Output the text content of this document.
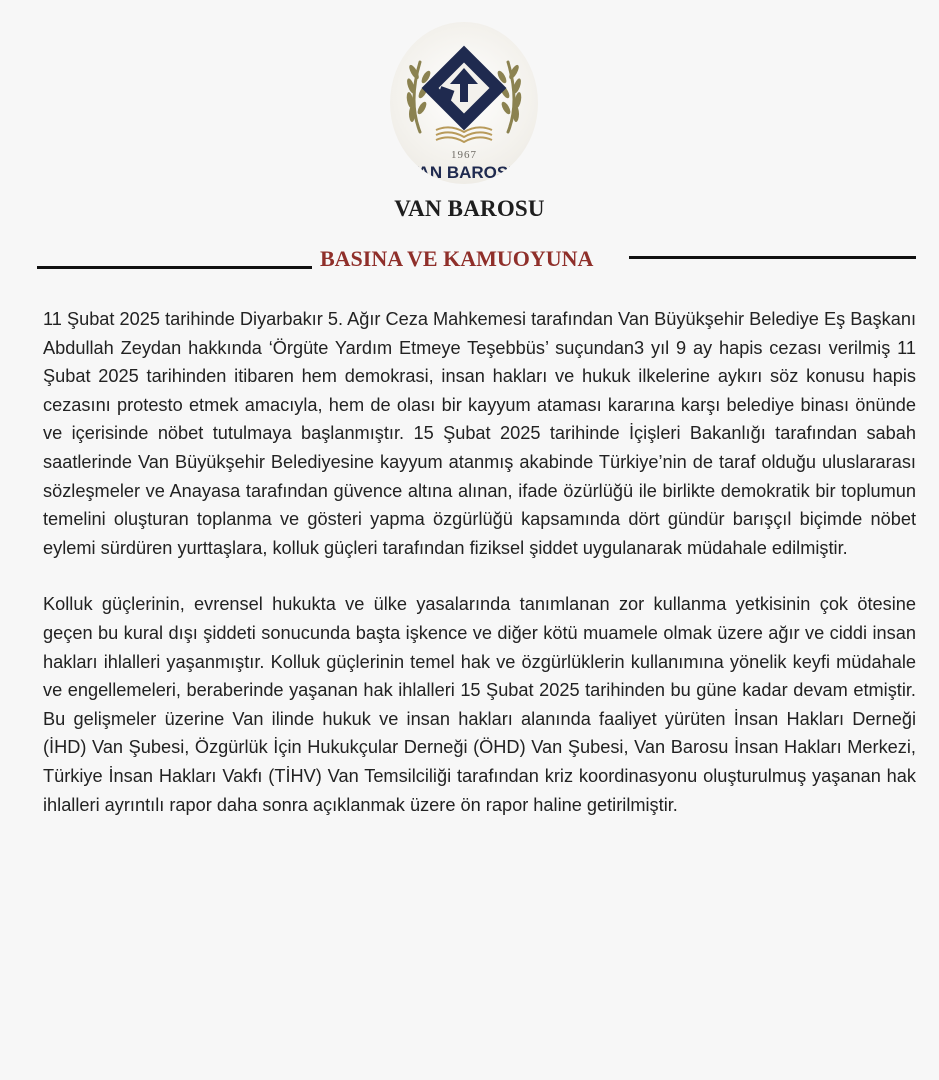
1967
VAN BAROSU
VAN BAROSU
BASINA VE KAMUOYUNA

11 Şubat 2025 tarihinde Diyarbakır 5. Ağır Ceza Mahkemesi tarafından Van Büyükşehir Belediye Eş Başkanı Abdullah Zeydan hakkında ‘Örgüte Yardım Etmeye Teşebbüs’ suçundan3 yıl 9 ay hapis cezası verilmiş 11 Şubat 2025 tarihinden itibaren hem demokrasi, insan hakları ve hukuk ilkelerine aykırı söz konusu hapis cezasını protesto etmek amacıyla, hem de olası bir kayyum ataması kararına karşı belediye binası önünde ve içerisinde nöbet tutulmaya başlanmıştır. 15 Şubat 2025 tarihinde İçişleri Bakanlığı tarafından sabah saatlerinde Van Büyükşehir Belediyesine kayyum atanmış akabinde Türkiye’nin de taraf olduğu uluslararası sözleşmeler ve Anayasa tarafından güvence altına alınan, ifade özürlüğü ile birlikte demokratik bir toplumun temelini oluşturan toplanma ve gösteri yapma özgürlüğü kapsamında dört gündür barışçıl biçimde nöbet eylemi sürdüren yurttaşlara, kolluk güçleri tarafından fiziksel şiddet uygulanarak müdahale edilmiştir.

Kolluk güçlerinin, evrensel hukukta ve ülke yasalarında tanımlanan zor kullanma yetkisinin çok ötesine geçen bu kural dışı şiddeti sonucunda başta işkence ve diğer kötü muamele olmak üzere ağır ve ciddi insan hakları ihlalleri yaşanmıştır. Kolluk güçlerinin temel hak ve özgürlüklerin kullanımına yönelik keyfi müdahale ve engellemeleri, beraberinde yaşanan hak ihlalleri 15 Şubat 2025 tarihinden bu güne kadar devam etmiştir. Bu gelişmeler üzerine Van ilinde hukuk ve insan hakları alanında faaliyet yürüten İnsan Hakları Derneği (İHD) Van Şubesi, Özgürlük İçin Hukukçular Derneği (ÖHD) Van Şubesi, Van Barosu İnsan Hakları Merkezi, Türkiye İnsan Hakları Vakfı (TİHV) Van Temsilciliği tarafından kriz koordinasyonu oluşturulmuş yaşanan hak ihlalleri ayrıntılı rapor daha sonra açıklanmak üzere ön rapor haline getirilmiştir.
